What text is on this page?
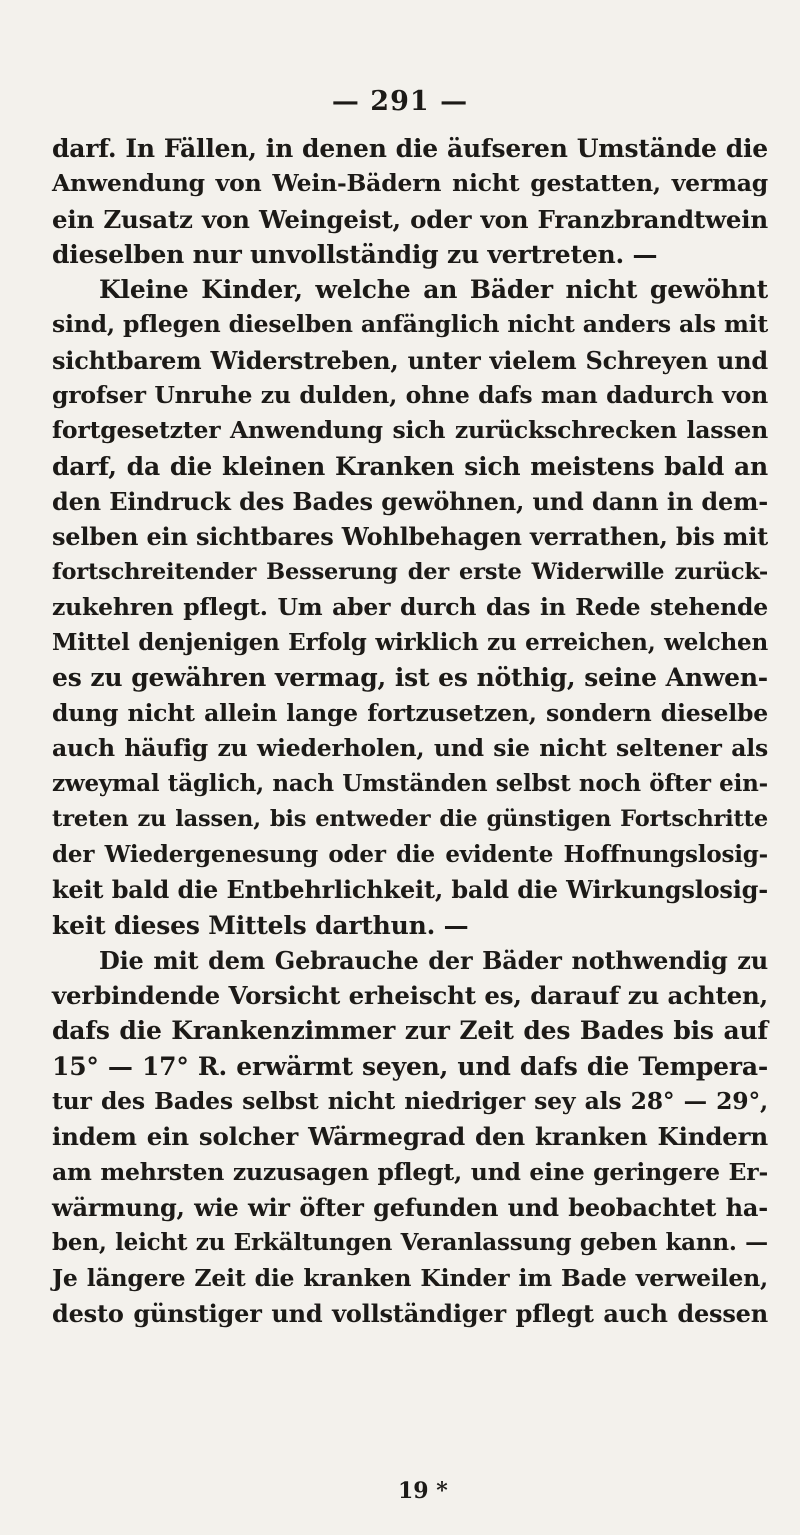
— 291 —
darf. In Fällen, in denen die äufseren Umstände die
Anwendung von Wein-Bädern nicht gestatten, vermag
ein Zusatz von Weingeist, oder von Franzbrandtwein
dieselben nur unvollständig zu vertreten. —
Kleine Kinder, welche an Bäder nicht gewöhnt
sind, pflegen dieselben anfänglich nicht anders als mit
sichtbarem Widerstreben, unter vielem Schreyen und
grofser Unruhe zu dulden, ohne dafs man dadurch von
fortgesetzter Anwendung sich zurückschrecken lassen
darf, da die kleinen Kranken sich meistens bald an
den Eindruck des Bades gewöhnen, und dann in dem-
selben ein sichtbares Wohlbehagen verrathen, bis mit
fortschreitender Besserung der erste Widerwille zurück-
zukehren pflegt. Um aber durch das in Rede stehende
Mittel denjenigen Erfolg wirklich zu erreichen, welchen
es zu gewähren vermag, ist es nöthig, seine Anwen-
dung nicht allein lange fortzusetzen, sondern dieselbe
auch häufig zu wiederholen, und sie nicht seltener als
zweymal täglich, nach Umständen selbst noch öfter ein-
treten zu lassen, bis entweder die günstigen Fortschritte
der Wiedergenesung oder die evidente Hoffnungslosig-
keit bald die Entbehrlichkeit, bald die Wirkungslosig-
keit dieses Mittels darthun. —
Die mit dem Gebrauche der Bäder nothwendig zu
verbindende Vorsicht erheischt es, darauf zu achten,
dafs die Krankenzimmer zur Zeit des Bades bis auf
15° — 17° R. erwärmt seyen, und dafs die Tempera-
tur des Bades selbst nicht niedriger sey als 28° — 29°,
indem ein solcher Wärmegrad den kranken Kindern
am mehrsten zuzusagen pflegt, und eine geringere Er-
wärmung, wie wir öfter gefunden und beobachtet ha-
ben, leicht zu Erkältungen Veranlassung geben kann. —
Je längere Zeit die kranken Kinder im Bade verweilen,
desto günstiger und vollständiger pflegt auch dessen
19 *
